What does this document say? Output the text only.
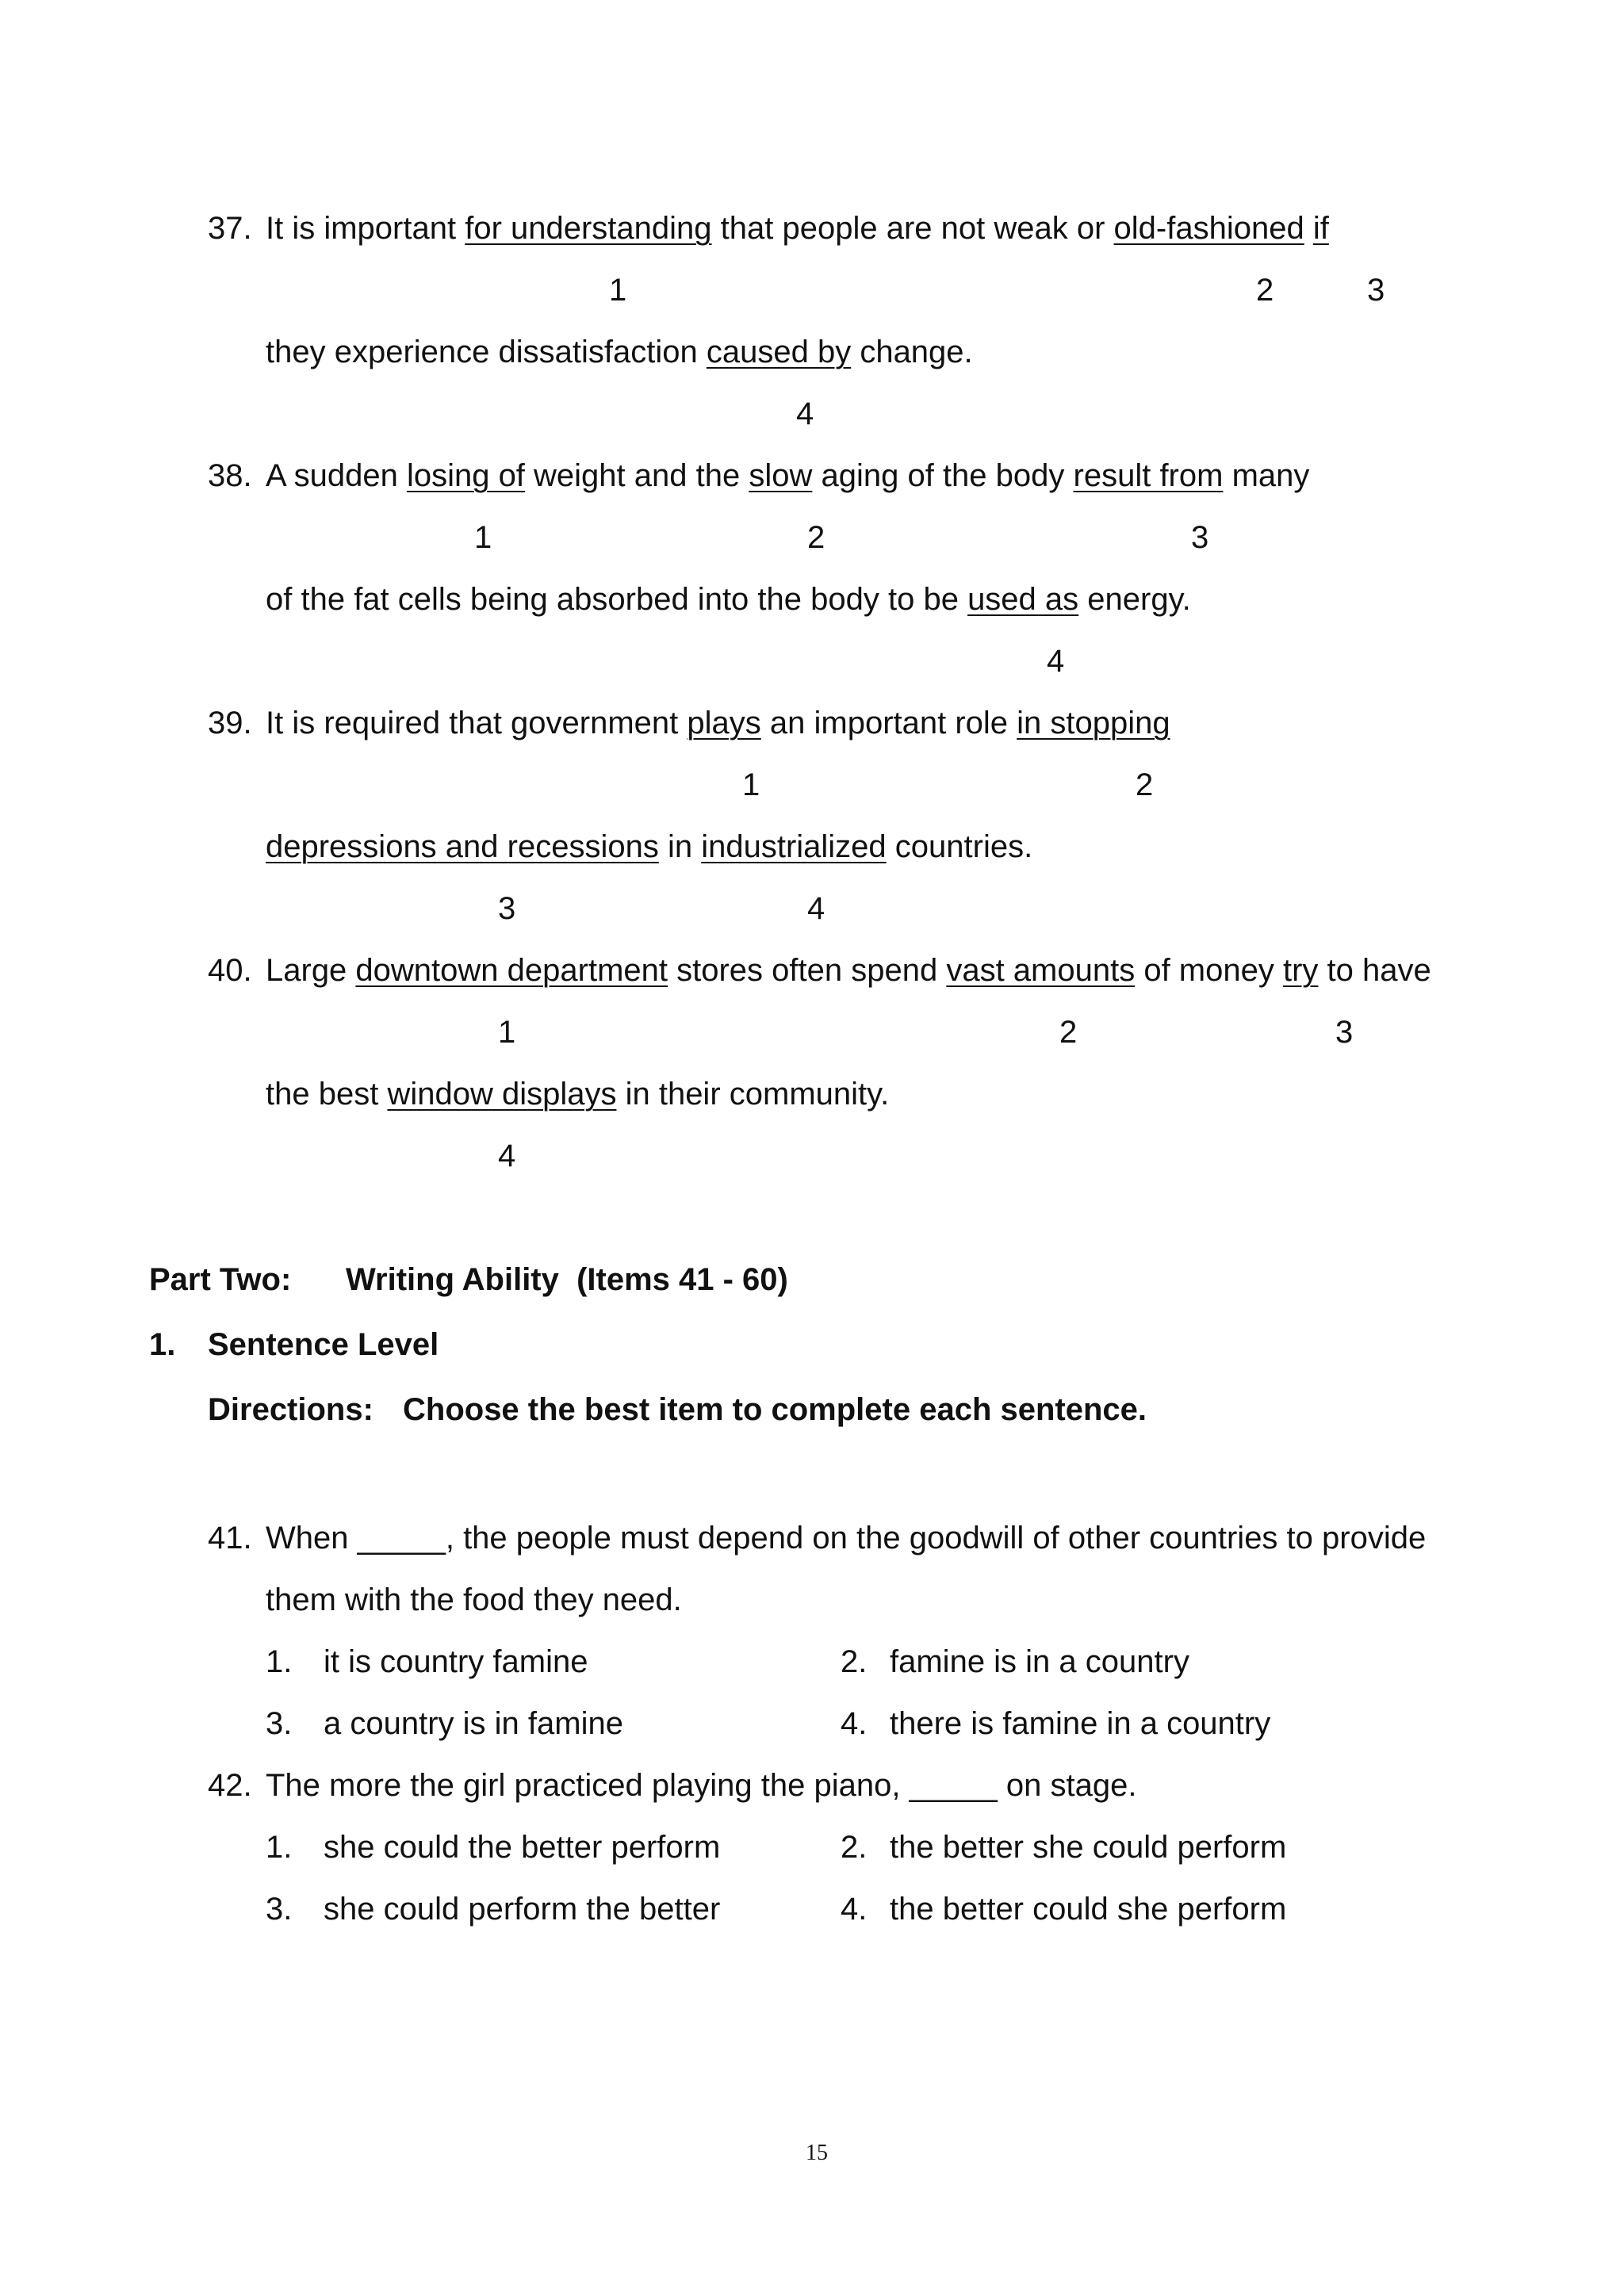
37. It is important for understanding that people are not weak or old-fashioned if
1	2	3
they experience dissatisfaction caused by change.
4
38. A sudden losing of weight and the slow aging of the body result from many
1	2	3
of the fat cells being absorbed into the body to be used as energy.
4
39. It is required that government plays an important role in stopping
1	2
depressions and recessions in industrialized countries.
3	4
40. Large downtown department stores often spend vast amounts of money try to have
1	2	3
the best window displays in their community.
4
Part Two: Writing Ability  (Items 41 - 60)
1. Sentence Level
Directions: Choose the best item to complete each sentence.
41. When _____, the people must depend on the goodwill of other countries to provide
them with the food they need.
1. it is country famine	2. famine is in a country
3. a country is in famine	4. there is famine in a country
42. The more the girl practiced playing the piano, _____ on stage.
1. she could the better perform	2. the better she could perform
3. she could perform the better	4. the better could she perform
15
